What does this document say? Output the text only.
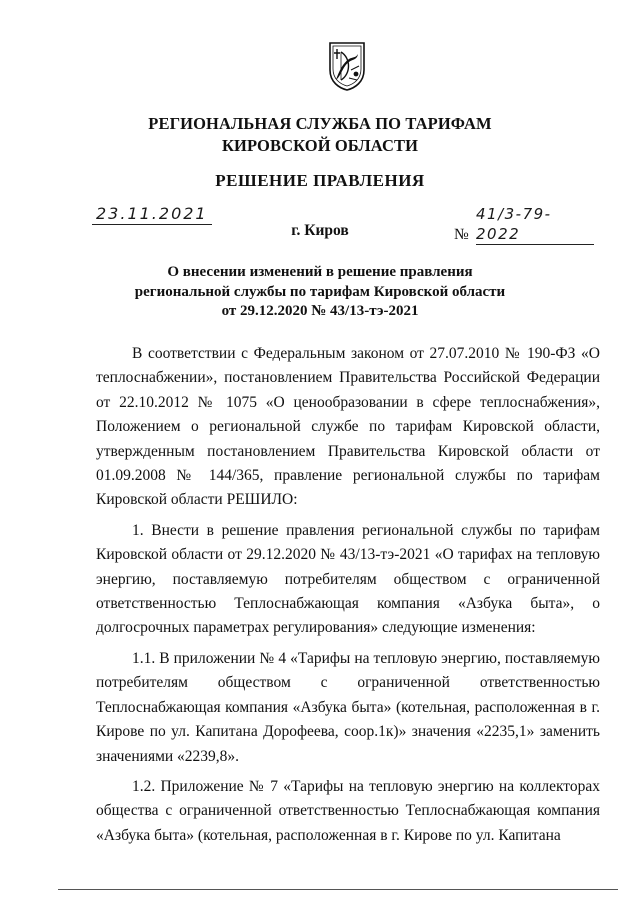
РЕГИОНАЛЬНАЯ СЛУЖБА ПО ТАРИФАМ
КИРОВСКОЙ ОБЛАСТИ
РЕШЕНИЕ ПРАВЛЕНИЯ
23.11.2021
№41/3-79-2022
г. Киров
О внесении изменений в решение правления
региональной службы по тарифам Кировской области
от 29.12.2020 № 43/13-тэ-2021

В соответствии с Федеральным законом от 27.07.2010 № 190-ФЗ «О теплоснабжении», постановлением Правительства Российской Федерации от 22.10.2012 № 1075 «О ценообразовании в сфере теплоснабжения», Положением о региональной службе по тарифам Кировской области, утвержденным постановлением Правительства Кировской области от 01.09.2008 № 144/365, правление региональной службы по тарифам Кировской области РЕШИЛО:

1. Внести в решение правления региональной службы по тарифам Кировской области от 29.12.2020 № 43/13-тэ-2021 «О тарифах на тепловую энергию, поставляемую потребителям обществом с ограниченной ответственностью Теплоснабжающая компания «Азбука быта», о долгосрочных параметрах регулирования» следующие изменения:

1.1. В приложении № 4 «Тарифы на тепловую энергию, поставляемую потребителям обществом с ограниченной ответственностью Теплоснабжающая компания «Азбука быта» (котельная, расположенная в г. Кирове по ул. Капитана Дорофеева, соор.1к)» значения «2235,1» заменить значениями «2239,8».

1.2. Приложение № 7 «Тарифы на тепловую энергию на коллекторах общества с ограниченной ответственностью Теплоснабжающая компания «Азбука быта» (котельная, расположенная в г. Кирове по ул. Капитана
